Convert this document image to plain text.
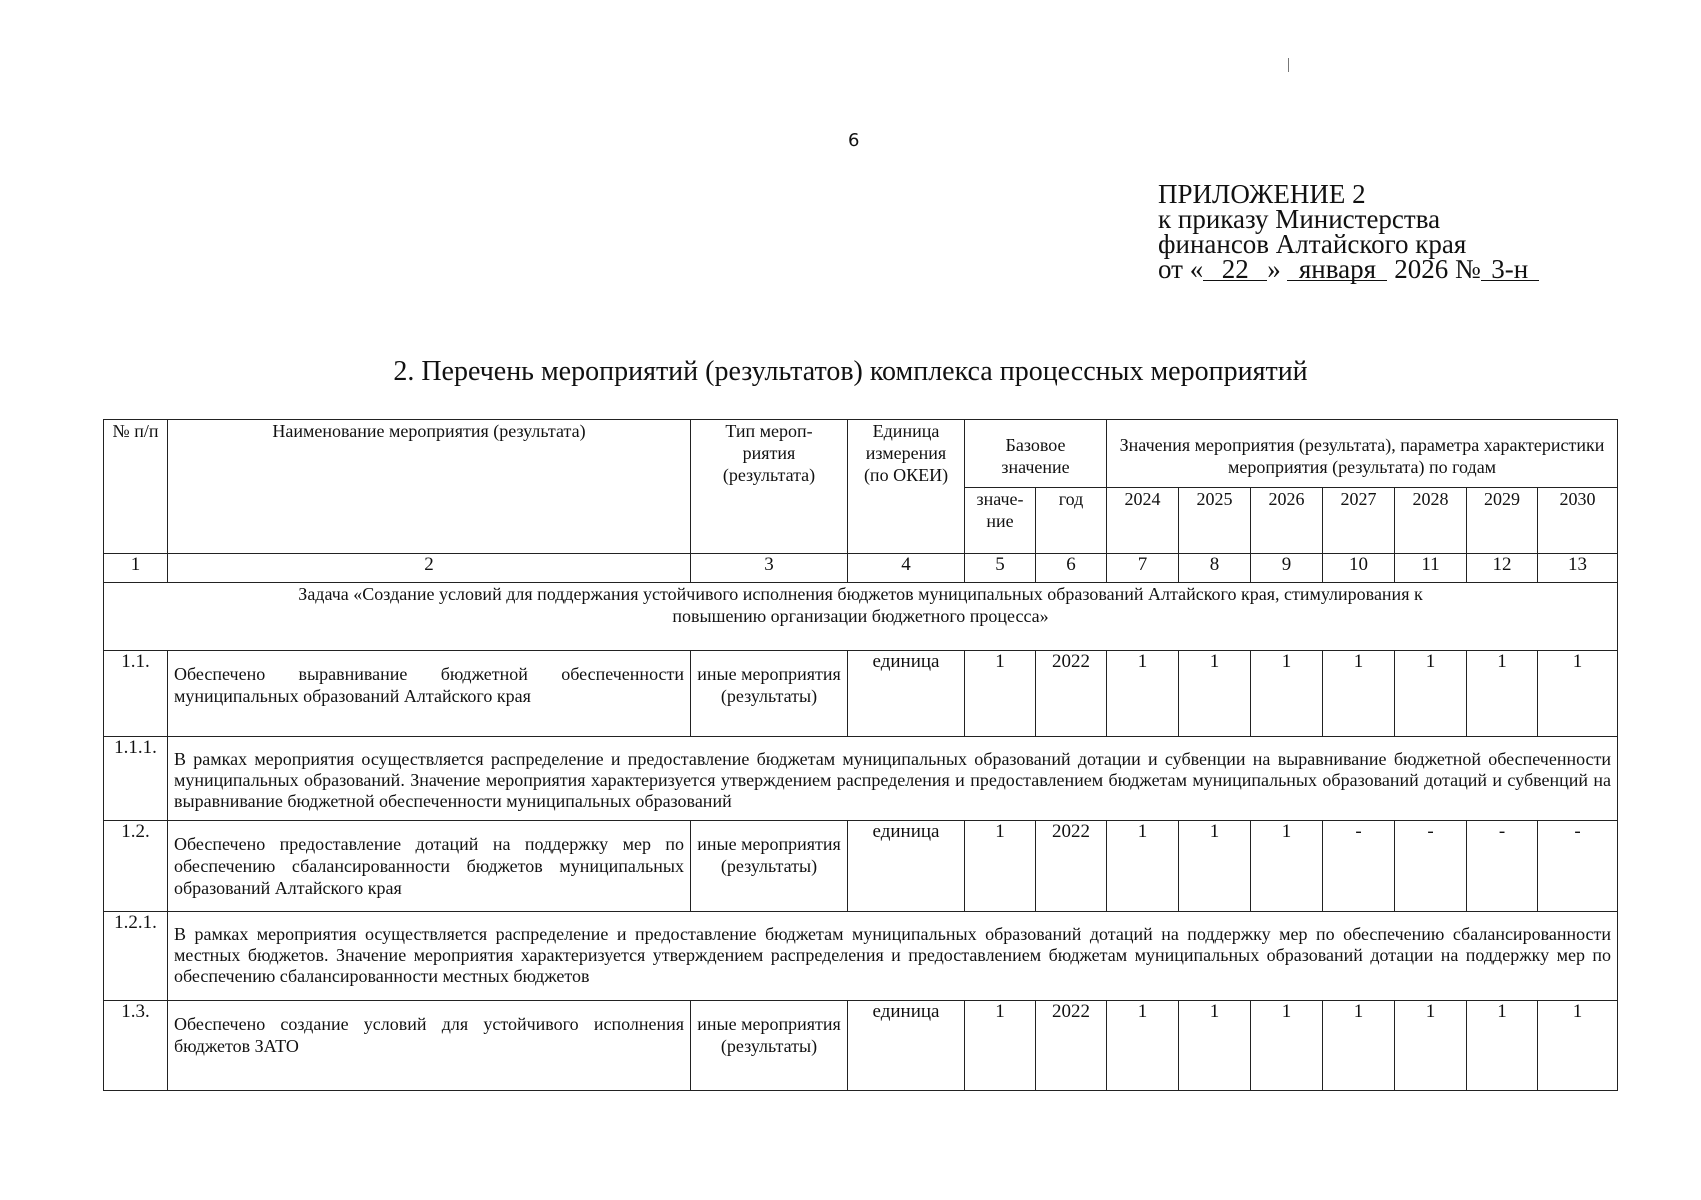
6
ПРИЛОЖЕНИЕ 2
к приказу Министерства
финансов Алтайского края
от « 22 » января 2026 № 3-н
2. Перечень мероприятий (результатов) комплекса процессных мероприятий
№ п/п	Наименование мероприятия (результата)	Тип мероп-риятия (результата)	Единица измерения (по ОКЕИ)	Базовое значение		Значения мероприятия (результата), параметра характеристики мероприятия (результата) по годам						
				значе-ние	год	2024	2025	2026	2027	2028	2029	2030
1	2	3	4	5	6	7	8	9	10	11	12	13
Задача «Создание условий для поддержания устойчивого исполнения бюджетов муниципальных образований Алтайского края, стимулирования к повышению организации бюджетного процесса»												
1.1.	Обеспечено выравнивание бюджетной обеспеченности муниципальных образований Алтайского края	иные мероприятия (результаты)	единица	1	2022	1	1	1	1	1	1	1
1.1.1.	В рамках мероприятия осуществляется распределение и предоставление бюджетам муниципальных образований дотации и субвенции на выравнивание бюджетной обеспеченности муниципальных образований. Значение мероприятия характеризуется утверждением распределения и предоставлением бюджетам муниципальных образований дотаций и субвенций на выравнивание бюджетной обеспеченности муниципальных образований											
1.2.	Обеспечено предоставление дотаций на поддержку мер по обеспечению сбалансированности бюджетов муниципальных образований Алтайского края	иные мероприятия (результаты)	единица	1	2022	1	1	1	-	-	-	-
1.2.1.	В рамках мероприятия осуществляется распределение и предоставление бюджетам муниципальных образований дотаций на поддержку мер по обеспечению сбалансированности местных бюджетов. Значение мероприятия характеризуется утверждением распределения и предоставлением бюджетам муниципальных образований дотации на поддержку мер по обеспечению сбалансированности местных бюджетов											
1.3.	Обеспечено создание условий для устойчивого исполнения бюджетов ЗАТО	иные мероприятия (результаты)	единица	1	2022	1	1	1	1	1	1	1
